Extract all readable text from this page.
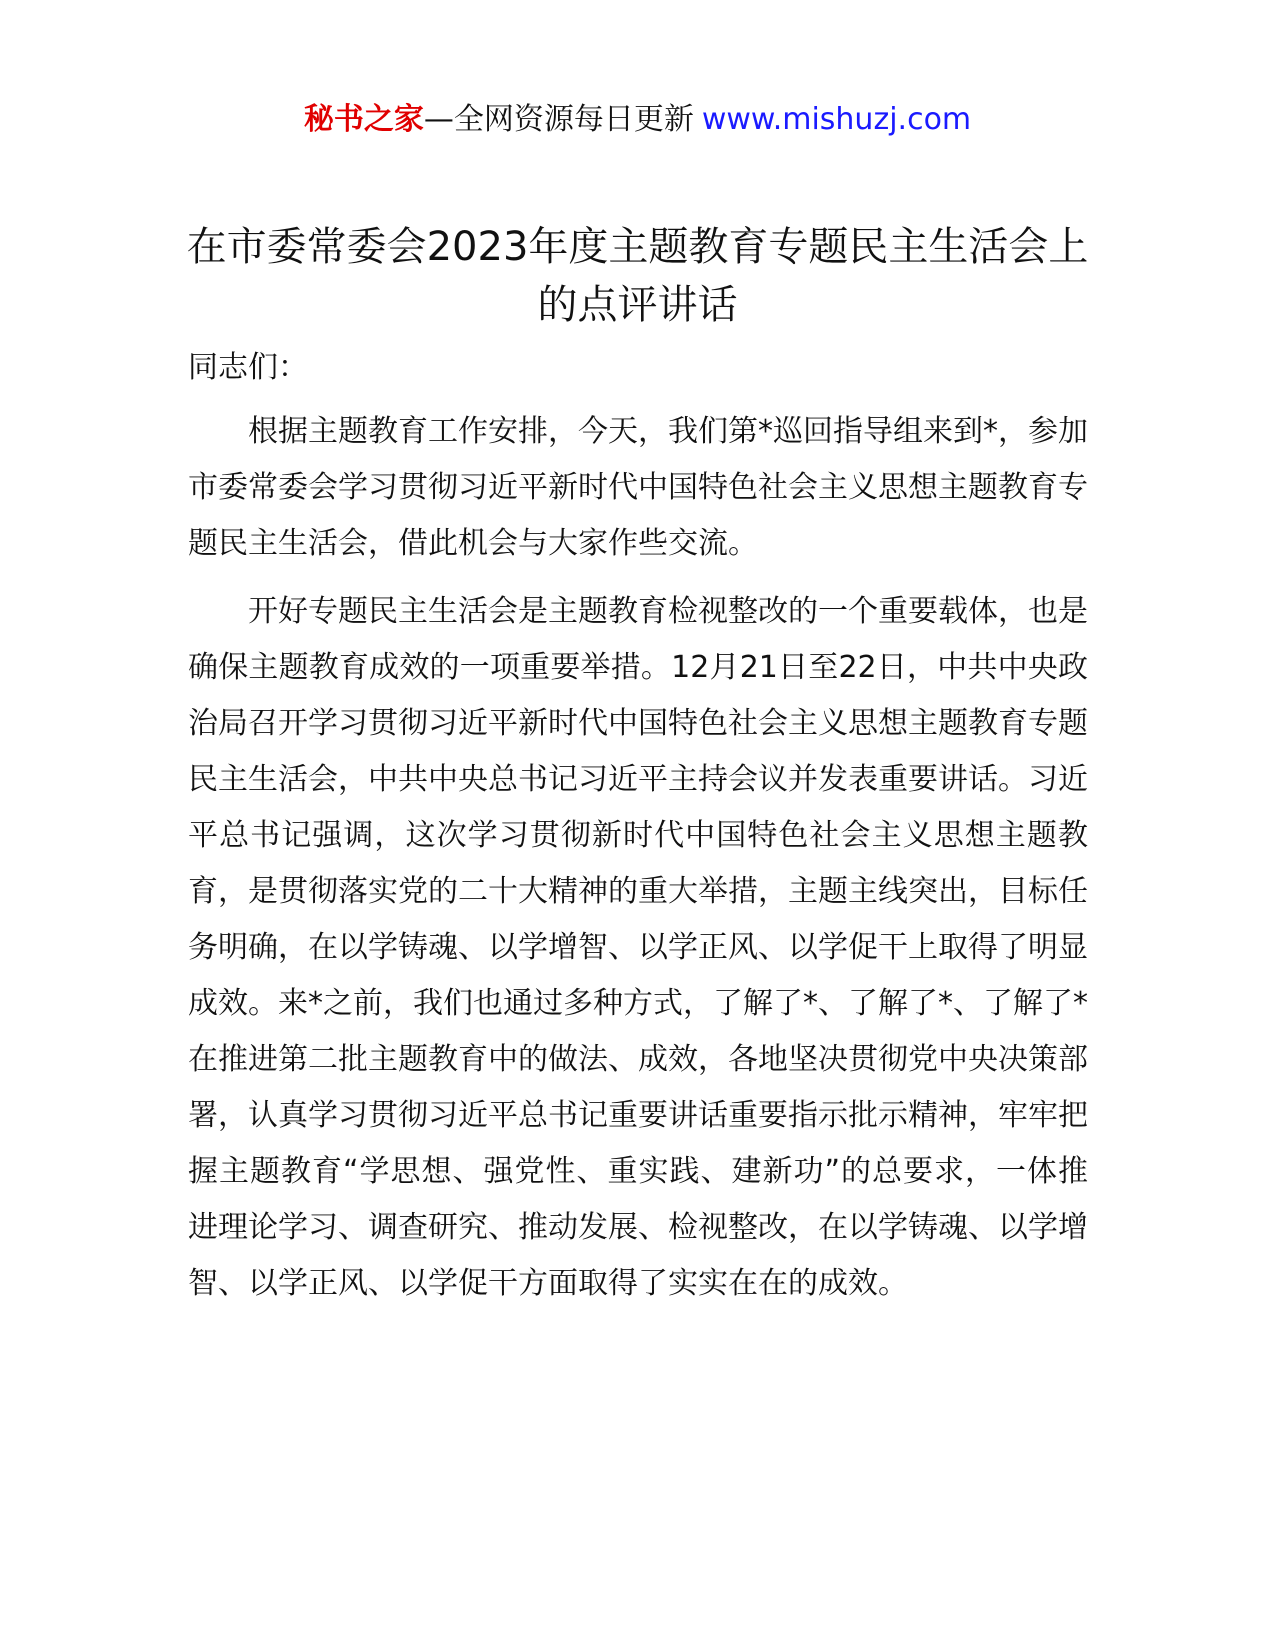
秘书之家—全网资源每日更新 www.mishuzj.com
在市委常委会2023年度主题教育专题民主生活会上的点评讲话

同志们：

根据主题教育工作安排，今天，我们第*巡回指导组来到*，参加市委常委会学习贯彻习近平新时代中国特色社会主义思想主题教育专题民主生活会，借此机会与大家作些交流。

开好专题民主生活会是主题教育检视整改的一个重要载体，也是确保主题教育成效的一项重要举措。12月21日至22日，中共中央政治局召开学习贯彻习近平新时代中国特色社会主义思想主题教育专题民主生活会，中共中央总书记习近平主持会议并发表重要讲话。习近平总书记强调，这次学习贯彻新时代中国特色社会主义思想主题教育，是贯彻落实党的二十大精神的重大举措，主题主线突出，目标任务明确，在以学铸魂、以学增智、以学正风、以学促干上取得了明显成效。来*之前，我们也通过多种方式，了解了*、了解了*、了解了*在推进第二批主题教育中的做法、成效，各地坚决贯彻党中央决策部署，认真学习贯彻习近平总书记重要讲话重要指示批示精神，牢牢把握主题教育“学思想、强党性、重实践、建新功”的总要求，一体推进理论学习、调查研究、推动发展、检视整改，在以学铸魂、以学增智、以学正风、以学促干方面取得了实实在在的成效。
